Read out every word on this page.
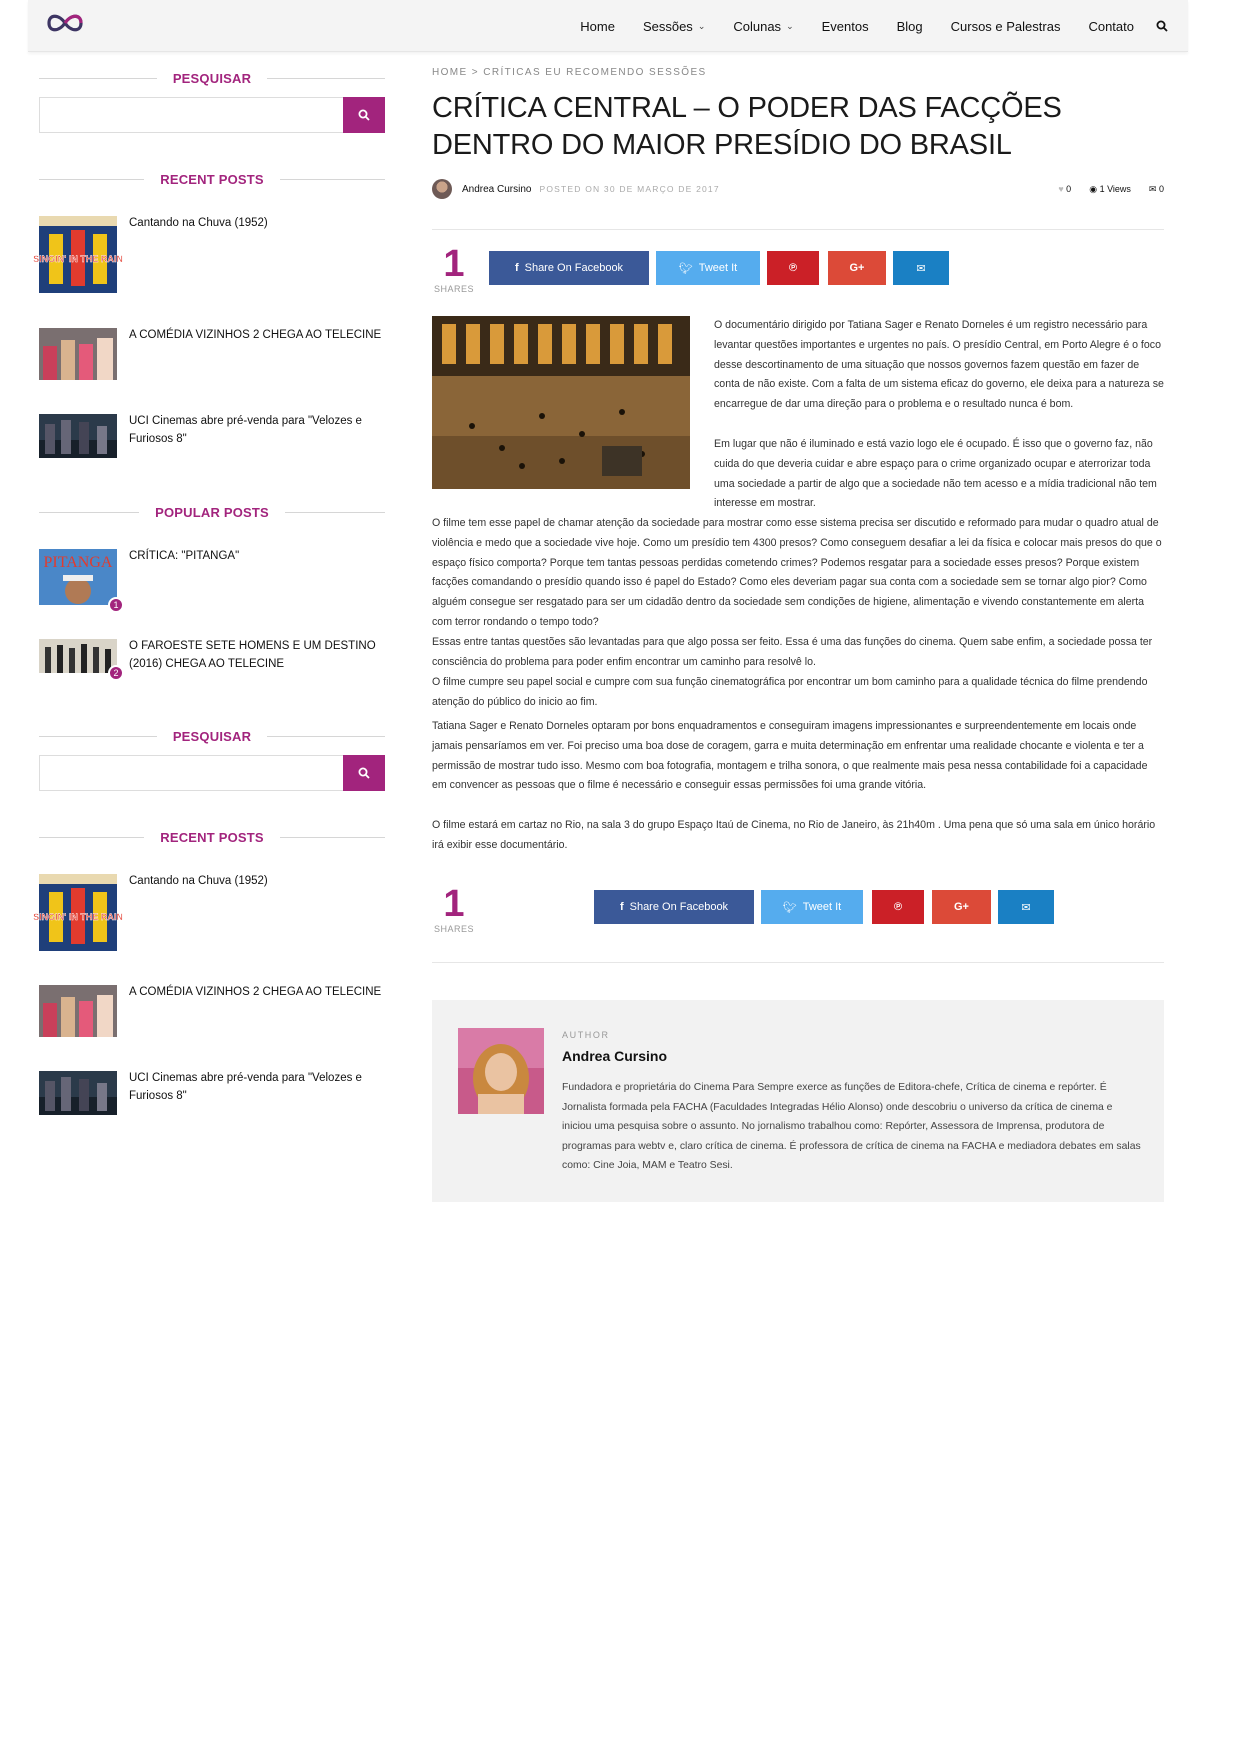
Home Sessões ⌄ Colunas ⌄ Eventos Blog Cursos e Palestras Contato
PESQUISAR
RECENT POSTS
SINGIN' IN THE RAIN
Cantando na Chuva (1952)
A COMÉDIA VIZINHOS 2 CHEGA AO TELECINE
UCI Cinemas abre pré-venda para "Velozes e Furiosos 8"
POPULAR POSTS
PITANGA
1
CRÍTICA: "PITANGA"
2
O FAROESTE SETE HOMENS E UM DESTINO (2016) CHEGA AO TELECINE
PESQUISAR
RECENT POSTS
SINGIN' IN THE RAIN
Cantando na Chuva (1952)
A COMÉDIA VIZINHOS 2 CHEGA AO TELECINE
UCI Cinemas abre pré-venda para "Velozes e Furiosos 8"
HOME > CRÍTICAS EU RECOMENDO SESSÕES
CRÍTICA CENTRAL – O PODER DAS FACÇÕES DENTRO DO MAIOR PRESÍDIO DO BRASIL
Andrea Cursino POSTED ON 30 DE MARÇO DE 2017	♥ 0 ◉ 1 Views ✉ 0
1
SHARES
f Share On Facebook	🐦︎ Tweet It	℗	G+	✉
O documentário dirigido por Tatiana Sager e Renato Dorneles é um registro necessário para levantar questões importantes e urgentes no país. O presídio Central, em Porto Alegre é o foco desse descortinamento de uma situação que nossos governos fazem questão em fazer de conta de não existe. Com a falta de um sistema eficaz do governo, ele deixa para a natureza se encarregue de dar uma direção para o problema e o resultado nunca é bom.
Em lugar que não é iluminado e está vazio logo ele é ocupado. É isso que o governo faz, não cuida do que deveria cuidar e abre espaço para o crime organizado ocupar e aterrorizar toda uma sociedade a partir de algo que a sociedade não tem acesso e a mídia tradicional não tem interesse em mostrar.
O filme tem esse papel de chamar atenção da sociedade para mostrar como esse sistema precisa ser discutido e reformado para mudar o quadro atual de violência e medo que a sociedade vive hoje. Como um presídio tem 4300 presos? Como conseguem desafiar a lei da física e colocar mais presos do que o espaço físico comporta? Porque tem tantas pessoas perdidas cometendo crimes? Podemos resgatar para a sociedade esses presos? Porque existem facções comandando o presídio quando isso é papel do Estado? Como eles deveriam pagar sua conta com a sociedade sem se tornar algo pior? Como alguém consegue ser resgatado para ser um cidadão dentro da sociedade sem condições de higiene, alimentação e vivendo constantemente em alerta com terror rondando o tempo todo?
Essas entre tantas questões são levantadas para que algo possa ser feito. Essa é uma das funções do cinema. Quem sabe enfim, a sociedade possa ter consciência do problema para poder enfim encontrar um caminho para resolvê lo.
O filme cumpre seu papel social e cumpre com sua função cinematográfica por encontrar um bom caminho para a qualidade técnica do filme prendendo atenção do público do inicio ao fim.
Tatiana Sager e Renato Dorneles optaram por bons enquadramentos e conseguiram imagens impressionantes e surpreendentemente em locais onde jamais pensaríamos em ver. Foi preciso uma boa dose de coragem, garra e muita determinação em enfrentar uma realidade chocante e violenta e ter a permissão de mostrar tudo isso. Mesmo com boa fotografia, montagem e trilha sonora, o que realmente mais pesa nessa contabilidade foi a capacidade em convencer as pessoas que o filme é necessário e conseguir essas permissões foi uma grande vitória.
O filme estará em cartaz no Rio, na sala 3 do grupo Espaço Itaú de Cinema, no Rio de Janeiro, às 21h40m . Uma pena que só uma sala em único horário irá exibir esse documentário.
1
SHARES
f Share On Facebook	🐦︎ Tweet It	℗	G+	✉
AUTHOR
Andrea Cursino
Fundadora e proprietária do Cinema Para Sempre exerce as funções de Editora-chefe, Crítica de cinema e repórter. É Jornalista formada pela FACHA (Faculdades Integradas Hélio Alonso) onde descobriu o universo da crítica de cinema e iniciou uma pesquisa sobre o assunto. No jornalismo trabalhou como: Repórter, Assessora de Imprensa, produtora de programas para webtv e, claro crítica de cinema. É professora de crítica de cinema na FACHA e mediadora debates em salas como: Cine Joia, MAM e Teatro Sesi.
